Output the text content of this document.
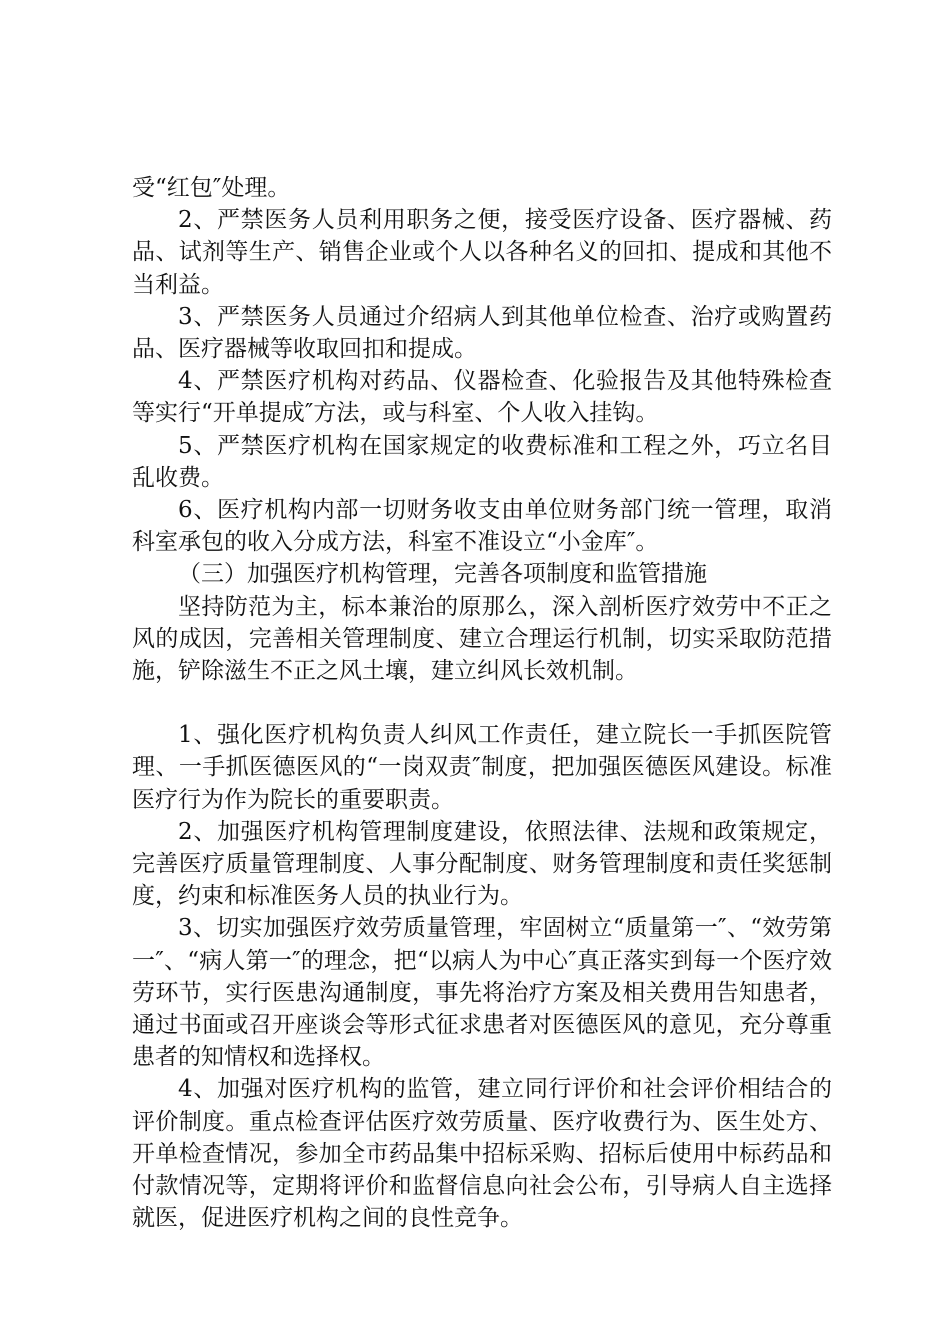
受“红包″处理。

2、严禁医务人员利用职务之便，接受医疗设备、医疗器械、药品、试剂等生产、销售企业或个人以各种名义的回扣、提成和其他不当利益。

3、严禁医务人员通过介绍病人到其他单位检查、治疗或购置药品、医疗器械等收取回扣和提成。

4、严禁医疗机构对药品、仪器检查、化验报告及其他特殊检查等实行“开单提成″方法，或与科室、个人收入挂钩。

5、严禁医疗机构在国家规定的收费标准和工程之外，巧立名目乱收费。

6、医疗机构内部一切财务收支由单位财务部门统一管理，取消科室承包的收入分成方法，科室不准设立“小金库″。

（三）加强医疗机构管理，完善各项制度和监管措施

坚持防范为主，标本兼治的原那么，深入剖析医疗效劳中不正之风的成因，完善相关管理制度、建立合理运行机制，切实采取防范措施，铲除滋生不正之风土壤，建立纠风长效机制。

1、强化医疗机构负责人纠风工作责任，建立院长一手抓医院管理、一手抓医德医风的“一岗双责″制度，把加强医德医风建设。标准医疗行为作为院长的重要职责。

2、加强医疗机构管理制度建设，依照法律、法规和政策规定，完善医疗质量管理制度、人事分配制度、财务管理制度和责任奖惩制度，约束和标准医务人员的执业行为。

3、切实加强医疗效劳质量管理，牢固树立“质量第一″、“效劳第一″、“病人第一″的理念，把“以病人为中心″真正落实到每一个医疗效劳环节，实行医患沟通制度，事先将治疗方案及相关费用告知患者，通过书面或召开座谈会等形式征求患者对医德医风的意见，充分尊重患者的知情权和选择权。

4、加强对医疗机构的监管，建立同行评价和社会评价相结合的评价制度。重点检查评估医疗效劳质量、医疗收费行为、医生处方、开单检查情况，参加全市药品集中招标采购、招标后使用中标药品和付款情况等，定期将评价和监督信息向社会公布，引导病人自主选择就医，促进医疗机构之间的良性竞争。
